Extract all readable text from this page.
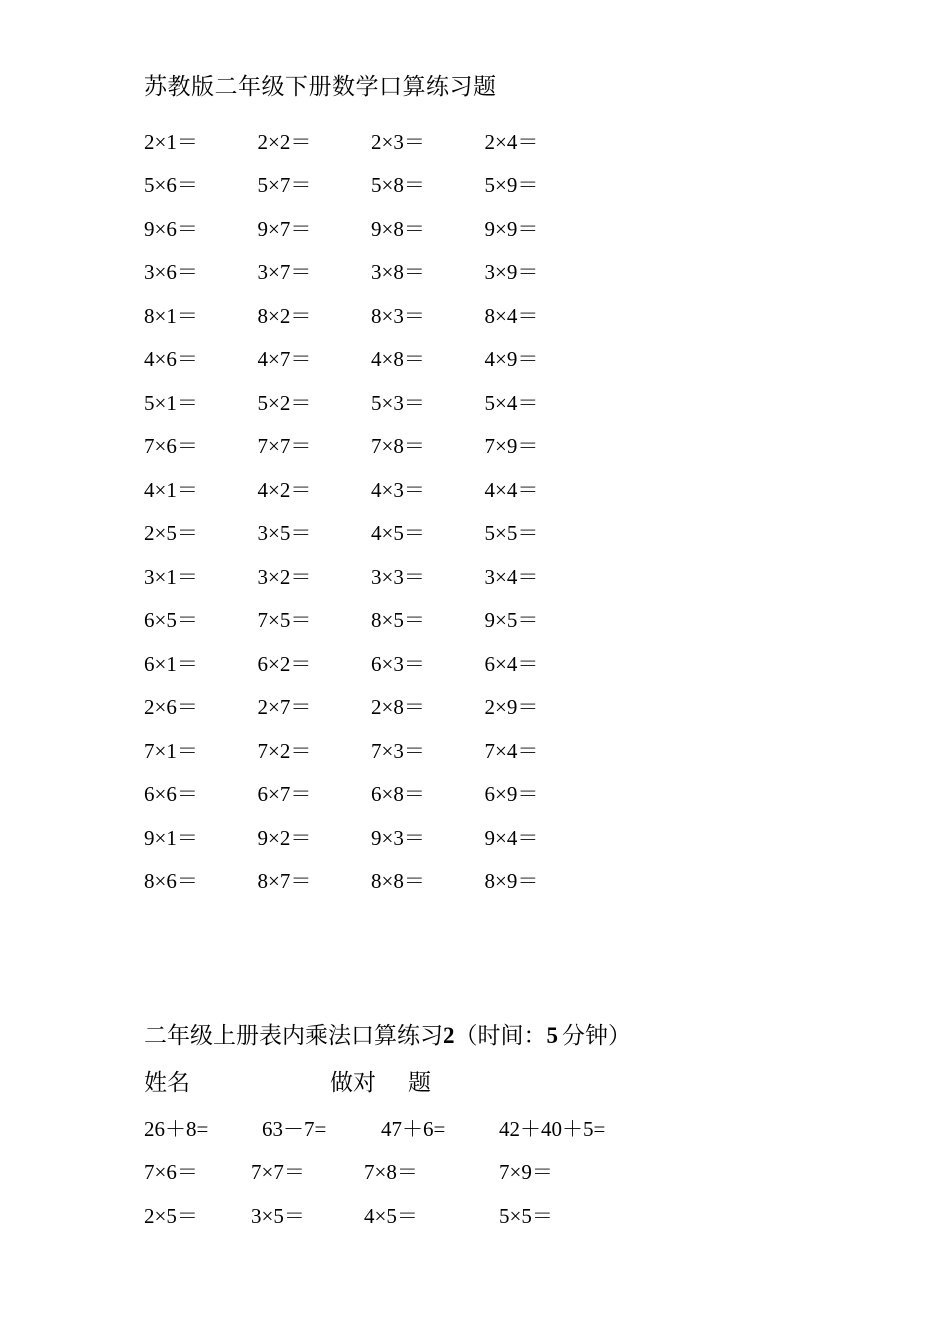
苏教版二年级下册数学口算练习题
2×1＝	2×2＝	2×3＝	2×4＝
5×6＝	5×7＝	5×8＝	5×9＝
9×6＝	9×7＝	9×8＝	9×9＝
3×6＝	3×7＝	3×8＝	3×9＝
8×1＝	8×2＝	8×3＝	8×4＝
4×6＝	4×7＝	4×8＝	4×9＝
5×1＝	5×2＝	5×3＝	5×4＝
7×6＝	7×7＝	7×8＝	7×9＝
4×1＝	4×2＝	4×3＝	4×4＝
2×5＝	3×5＝	4×5＝	5×5＝
3×1＝	3×2＝	3×3＝	3×4＝
6×5＝	7×5＝	8×5＝	9×5＝
6×1＝	6×2＝	6×3＝	6×4＝
2×6＝	2×7＝	2×8＝	2×9＝
7×1＝	7×2＝	7×3＝	7×4＝
6×6＝	6×7＝	6×8＝	6×9＝
9×1＝	9×2＝	9×3＝	9×4＝
8×6＝	8×7＝	8×8＝	8×9＝
二年级上册表内乘法口算练习2（时间：5 分钟）
姓名	做对 题
26＋8=	63－7=	47＋6=	42＋40＋5=
7×6＝	7×7＝	7×8＝	7×9＝
2×5＝	3×5＝	4×5＝	5×5＝
